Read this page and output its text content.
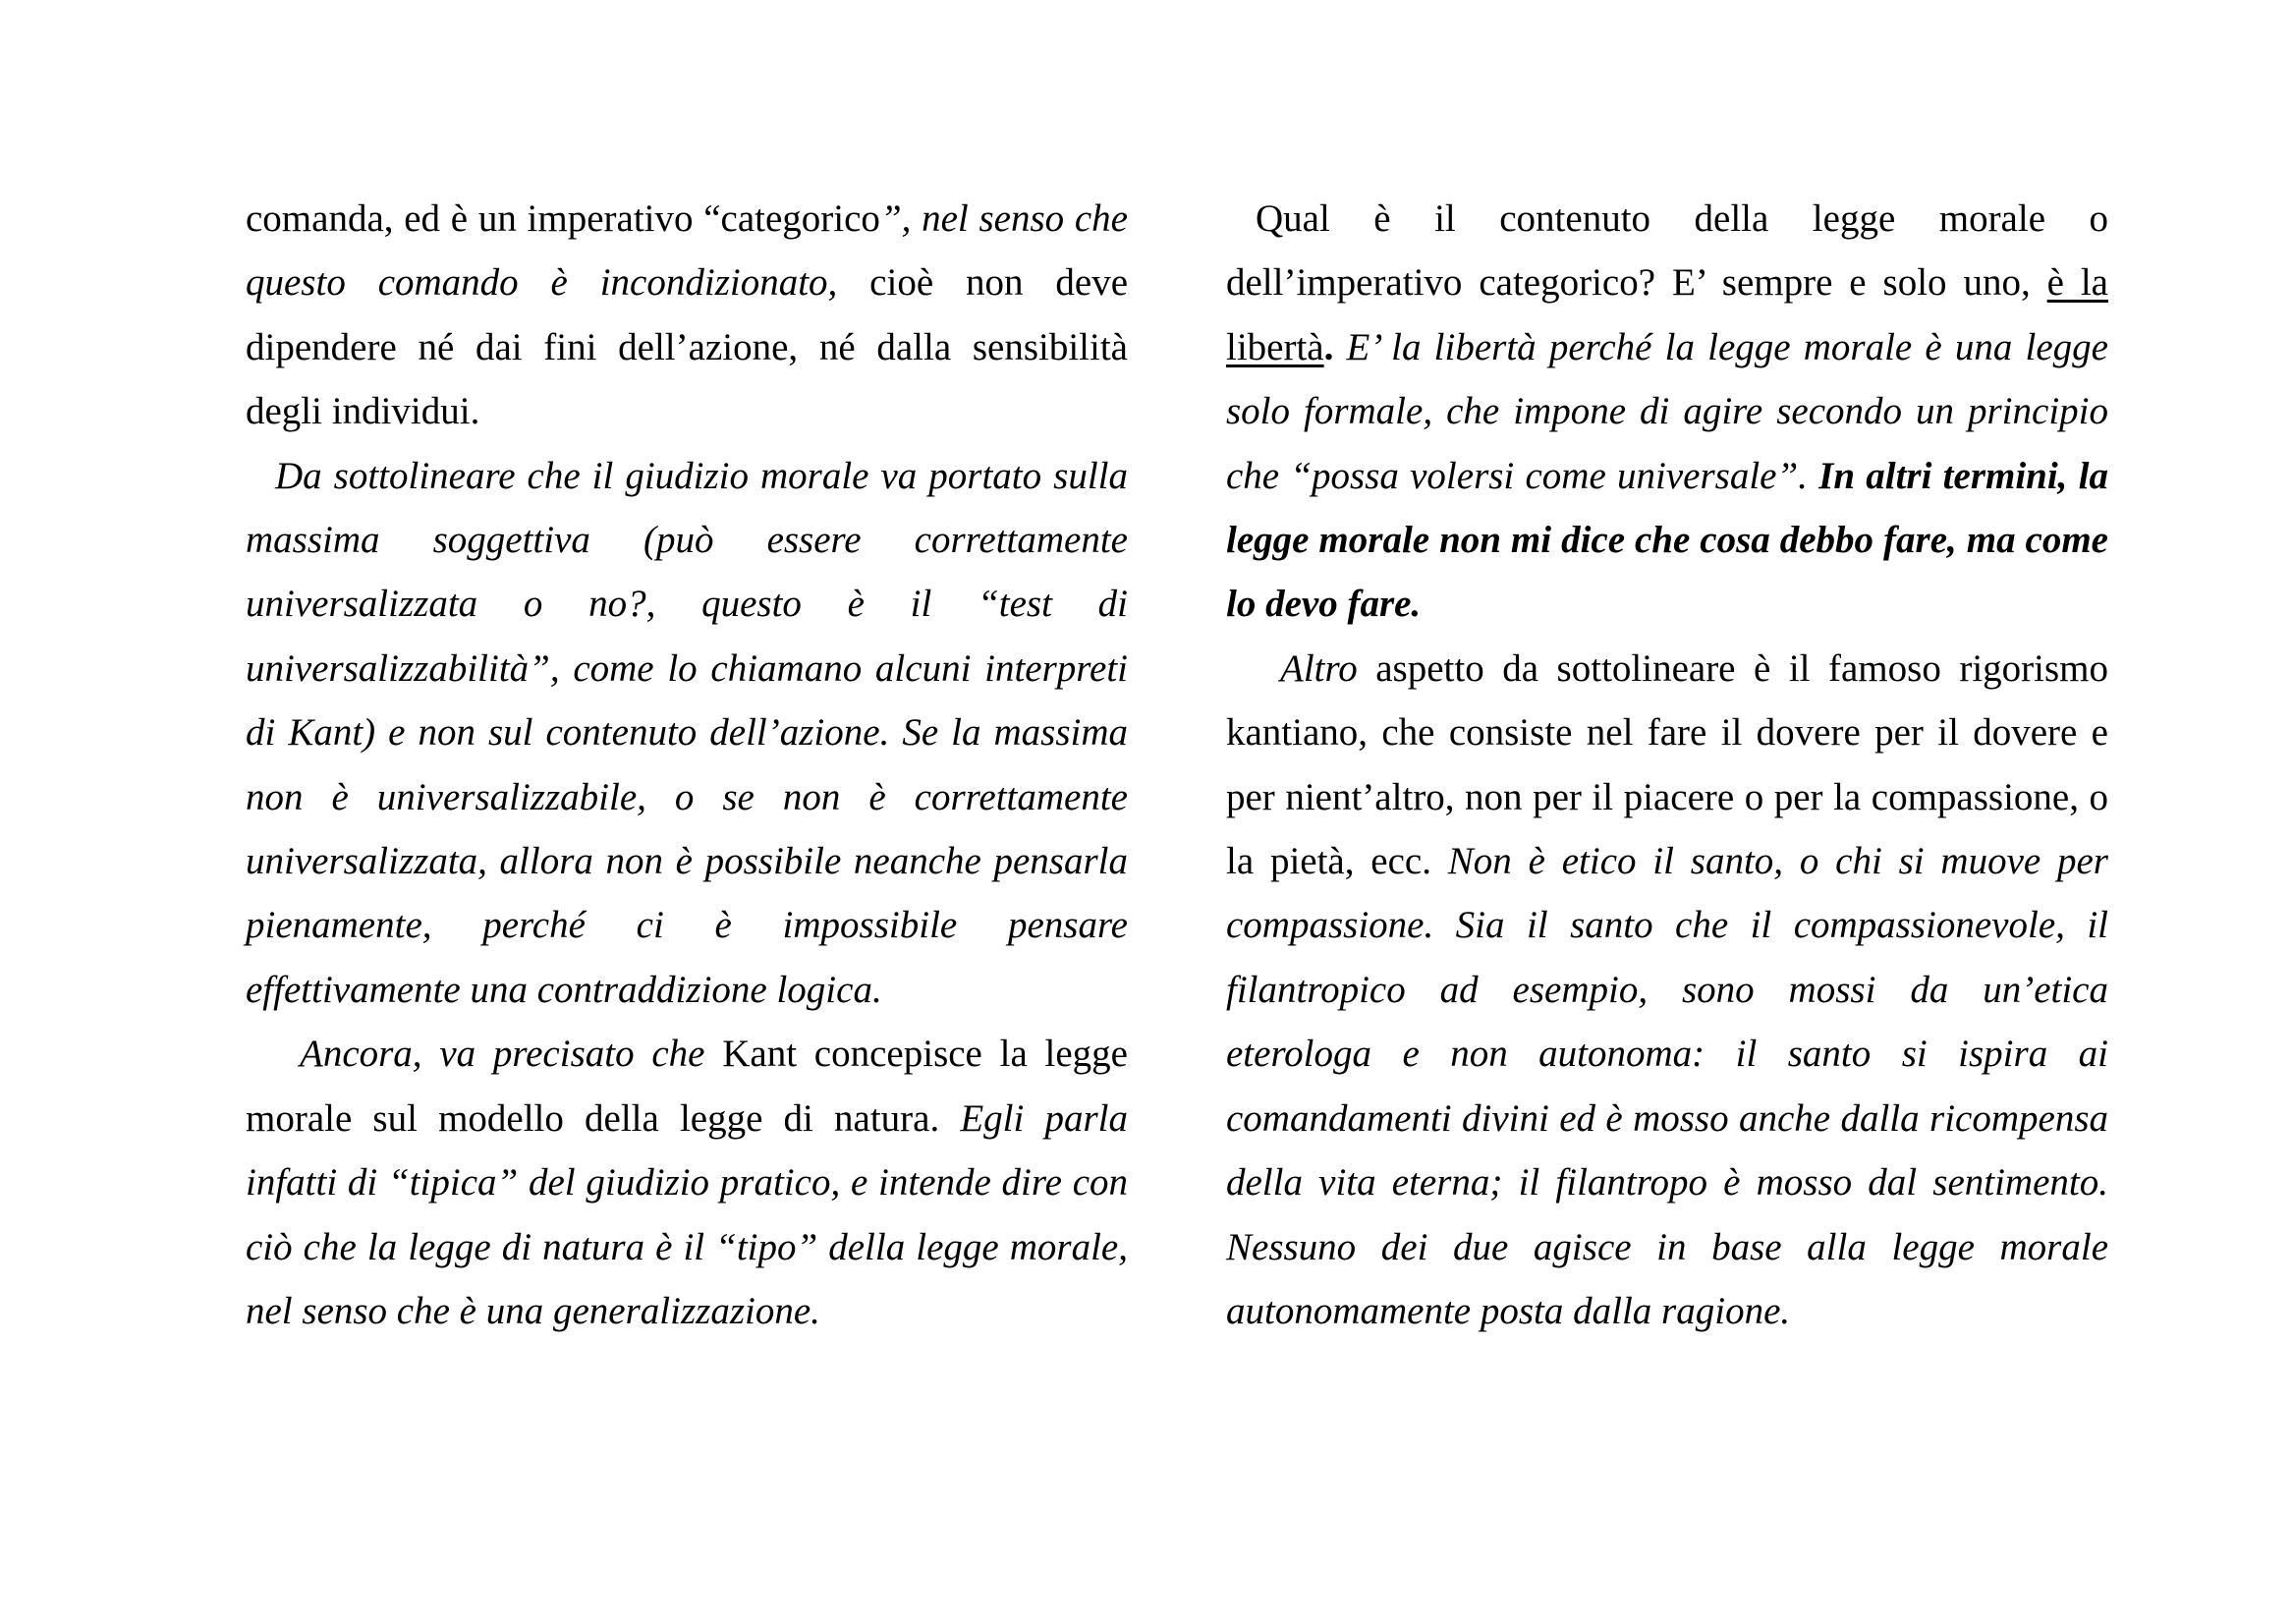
comanda, ed è un imperativo “categorico”, nel senso che questo comando è incondizionato, cioè non deve dipendere né dai fini dell’azione, né dalla sensibilità degli individui.

Da sottolineare che il giudizio morale va portato sulla massima soggettiva (può essere correttamente universalizzata o no?, questo è il “test di universalizzabilità”, come lo chiamano alcuni interpreti di Kant) e non sul contenuto dell’azione. Se la massima non è universalizzabile, o se non è correttamente universalizzata, allora non è possibile neanche pensarla pienamente, perché ci è impossibile pensare effettivamente una contraddizione logica.

Ancora, va precisato che Kant concepisce la legge morale sul modello della legge di natura. Egli parla infatti di “tipica” del giudizio pratico, e intende dire con ciò che la legge di natura è il “tipo” della legge morale, nel senso che è una generalizzazione.

Qual è il contenuto della legge morale o dell’imperativo categorico? E’ sempre e solo uno, è la libertà. E’ la libertà perché la legge morale è una legge solo formale, che impone di agire secondo un principio che “possa volersi come universale”. In altri termini, la legge morale non mi dice che cosa debbo fare, ma come lo devo fare.

Altro aspetto da sottolineare è il famoso rigorismo kantiano, che consiste nel fare il dovere per il dovere e per nient’altro, non per il piacere o per la compassione, o la pietà, ecc. Non è etico il santo, o chi si muove per compassione. Sia il santo che il compassionevole, il filantropico ad esempio, sono mossi da un’etica eterologa e non autonoma: il santo si ispira ai comandamenti divini ed è mosso anche dalla ricompensa della vita eterna; il filantropo è mosso dal sentimento. Nessuno dei due agisce in base alla legge morale autonomamente posta dalla ragione.
